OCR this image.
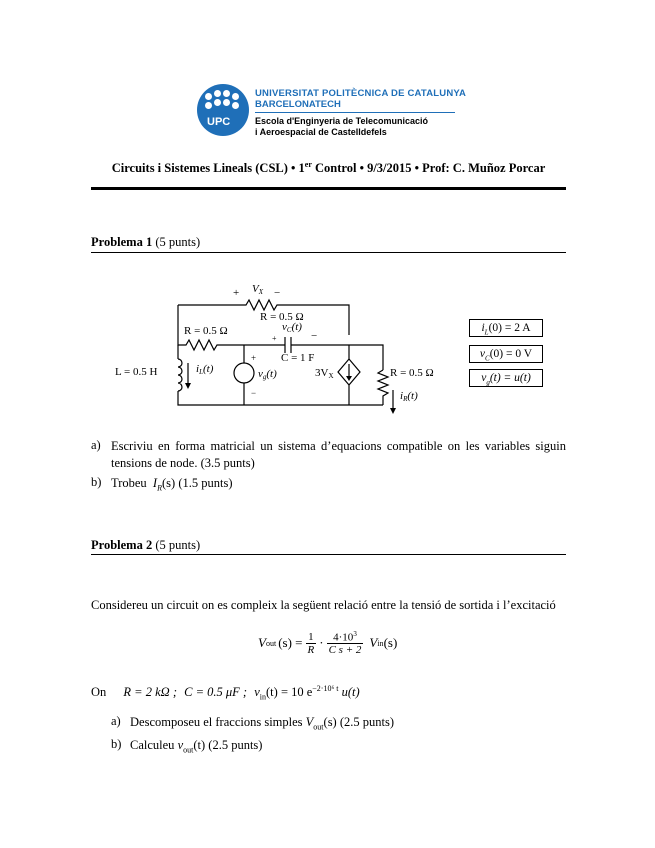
UPC
UNIVERSITAT POLITÈCNICA DE CATALUNYA
BARCELONATECH
Escola d'Enginyeria de Telecomunicació
i Aeroespacial de Castelldefels
Circuits i Sistemes Lineals (CSL) • 1er Control • 9/3/2015 • Prof: C. Muñoz Porcar
Problema 1 (5 punts)
+ VX −
R = 0.5 Ω
R = 0.5 Ω	vC(t)
+	−
C = 1 F
L = 0.5 H	iL(t)
+
−
vg(t)	3VX	R = 0.5 Ω
iR(t)
$i_L(0) = 2$ A
$v_C(0) = 0$ V
$v_g(t) = u(t)$
a) Escriviu en forma matricial un sistema d’equacions compatible on les variables siguin tensions de node. (3.5 punts)
b) Trobeu $I_R(s)$ (1.5 punts)
Problema 2 (5 punts)
Considereu un circuit on es compleix la següent relació entre la tensió de sortida i l’excitació
V out $(s) = \frac{1}{R} \cdot 4\cdot 10^3$
C s + 2
V in (s)
On R = 2 kΩ ; C = 0.5 μF ; $v_{in}(t) = 10$ $e^{-2\cdot 10^6 t}$ u(t)
a) Descomposeu el fraccions simples $V_{out}(s)$ (2.5 punts)
b) Calculeu $v_{out}(t)$ (2.5 punts)
